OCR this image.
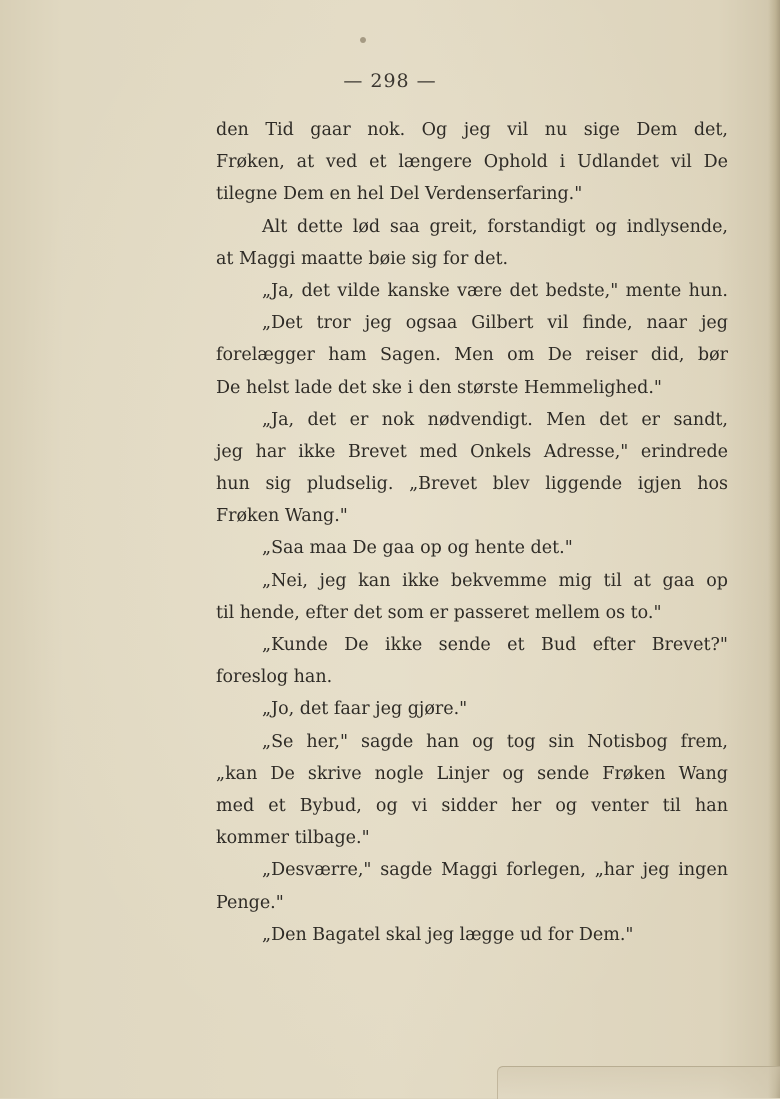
— 298 —
den Tid gaar nok. Og jeg vil nu sige Dem det,
Frøken, at ved et længere Ophold i Udlandet vil De
tilegne Dem en hel Del Verdenserfaring."
Alt dette lød saa greit, forstandigt og indlysende,
at Maggi maatte bøie sig for det.
„Ja, det vilde kanske være det bedste," mente hun.
„Det tror jeg ogsaa Gilbert vil finde, naar jeg
forelægger ham Sagen. Men om De reiser did, bør
De helst lade det ske i den største Hemmelighed."
„Ja, det er nok nødvendigt. Men det er sandt,
jeg har ikke Brevet med Onkels Adresse," erindrede
hun sig pludselig. „Brevet blev liggende igjen hos
Frøken Wang."
„Saa maa De gaa op og hente det."
„Nei, jeg kan ikke bekvemme mig til at gaa op
til hende, efter det som er passeret mellem os to."
„Kunde De ikke sende et Bud efter Brevet?"
foreslog han.
„Jo, det faar jeg gjøre."
„Se her," sagde han og tog sin Notisbog frem,
„kan De skrive nogle Linjer og sende Frøken Wang
med et Bybud, og vi sidder her og venter til han
kommer tilbage."
„Desværre," sagde Maggi forlegen, „har jeg ingen
Penge."
„Den Bagatel skal jeg lægge ud for Dem."
